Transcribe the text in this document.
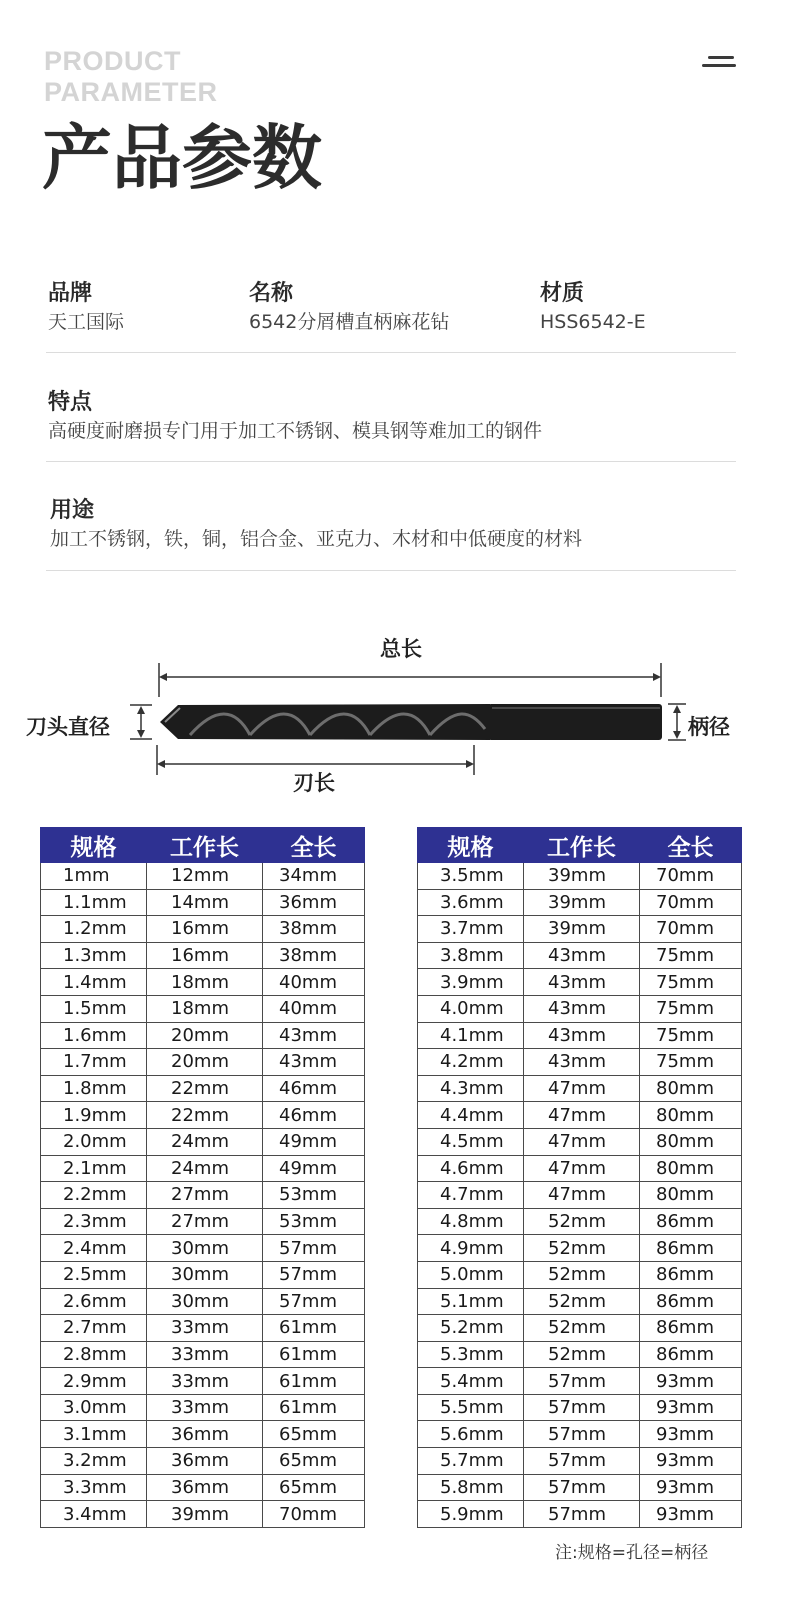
PRODUCT
PARAMETER
产品参数
品牌
天工国际
名称
6542分屑槽直柄麻花钻
材质
HSS6542-E
特点
高硬度耐磨损专门用于加工不锈钢、模具钢等难加工的钢件
用途
加工不锈钢，铁，铜，铝合金、亚克力、木材和中低硬度的材料
总长
刀头直径	柄径
刃长
规格	工作长	全长
1mm	12mm	34mm
1.1mm	14mm	36mm
1.2mm	16mm	38mm
1.3mm	16mm	38mm
1.4mm	18mm	40mm
1.5mm	18mm	40mm
1.6mm	20mm	43mm
1.7mm	20mm	43mm
1.8mm	22mm	46mm
1.9mm	22mm	46mm
2.0mm	24mm	49mm
2.1mm	24mm	49mm
2.2mm	27mm	53mm
2.3mm	27mm	53mm
2.4mm	30mm	57mm
2.5mm	30mm	57mm
2.6mm	30mm	57mm
2.7mm	33mm	61mm
2.8mm	33mm	61mm
2.9mm	33mm	61mm
3.0mm	33mm	61mm
3.1mm	36mm	65mm
3.2mm	36mm	65mm
3.3mm	36mm	65mm
3.4mm	39mm	70mm
规格	工作长	全长
3.5mm	39mm	70mm
3.6mm	39mm	70mm
3.7mm	39mm	70mm
3.8mm	43mm	75mm
3.9mm	43mm	75mm
4.0mm	43mm	75mm
4.1mm	43mm	75mm
4.2mm	43mm	75mm
4.3mm	47mm	80mm
4.4mm	47mm	80mm
4.5mm	47mm	80mm
4.6mm	47mm	80mm
4.7mm	47mm	80mm
4.8mm	52mm	86mm
4.9mm	52mm	86mm
5.0mm	52mm	86mm
5.1mm	52mm	86mm
5.2mm	52mm	86mm
5.3mm	52mm	86mm
5.4mm	57mm	93mm
5.5mm	57mm	93mm
5.6mm	57mm	93mm
5.7mm	57mm	93mm
5.8mm	57mm	93mm
5.9mm	57mm	93mm
注:规格=孔径=柄径
